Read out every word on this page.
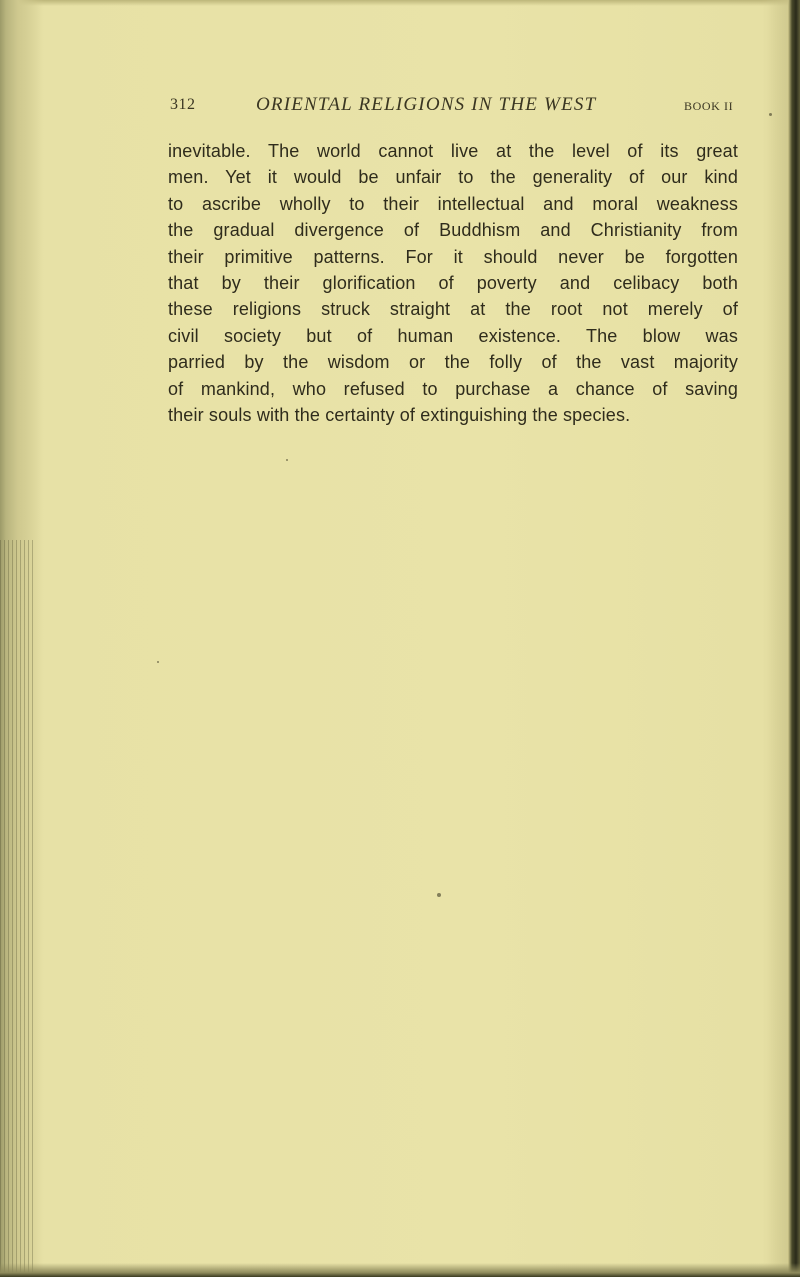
312	ORIENTAL RELIGIONS IN THE WEST	BOOK II
inevitable. The world cannot live at the level of its great
men. Yet it would be unfair to the generality of our kind
to ascribe wholly to their intellectual and moral weakness
the gradual divergence of Buddhism and Christianity from
their primitive patterns. For it should never be forgotten
that by their glorification of poverty and celibacy both
these religions struck straight at the root not merely of
civil society but of human existence. The blow was
parried by the wisdom or the folly of the vast majority
of mankind, who refused to purchase a chance of saving
their souls with the certainty of extinguishing the species.
